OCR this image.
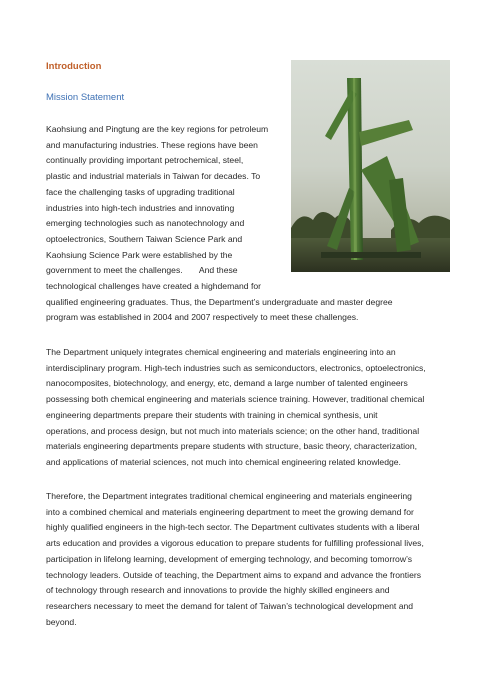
Introduction
Mission Statement

Kaohsiung and Pingtung are the key regions for petroleum
and manufacturing industries. These regions have been
continually providing important petrochemical, steel,
plastic and industrial materials in Taiwan for decades. To
face the challenging tasks of upgrading traditional
industries into high-tech industries and innovating
emerging technologies such as nanotechnology and
optoelectronics, Southern Taiwan Science Park and
Kaohsiung Science Park were established by the
government to meet the challenges.       And these
technological challenges have created a highdemand for
qualified engineering graduates. Thus, the Department’s undergraduate and master degree
program was established in 2004 and 2007 respectively to meet these challenges.

The Department uniquely integrates chemical engineering and materials engineering into an
interdisciplinary program. High-tech industries such as semiconductors, electronics, optoelectronics,
nanocomposites, biotechnology, and energy, etc, demand a large number of talented engineers
possessing both chemical engineering and materials science training. However, traditional chemical
engineering departments prepare their students with training in chemical synthesis, unit
operations, and process design, but not much into materials science; on the other hand, traditional
materials engineering departments prepare students with structure, basic theory, characterization,
and applications of material sciences, not much into chemical engineering related knowledge.

Therefore, the Department integrates traditional chemical engineering and materials engineering
into a combined chemical and materials engineering department to meet the growing demand for
highly qualified engineers in the high-tech sector. The Department cultivates students with a liberal
arts education and provides a vigorous education to prepare students for fulfilling professional lives,
participation in lifelong learning, development of emerging technology, and becoming tomorrow’s
technology leaders. Outside of teaching, the Department aims to expand and advance the frontiers
of technology through research and innovations to provide the highly skilled engineers and
researchers necessary to meet the demand for talent of Taiwan’s technological development and
beyond.
